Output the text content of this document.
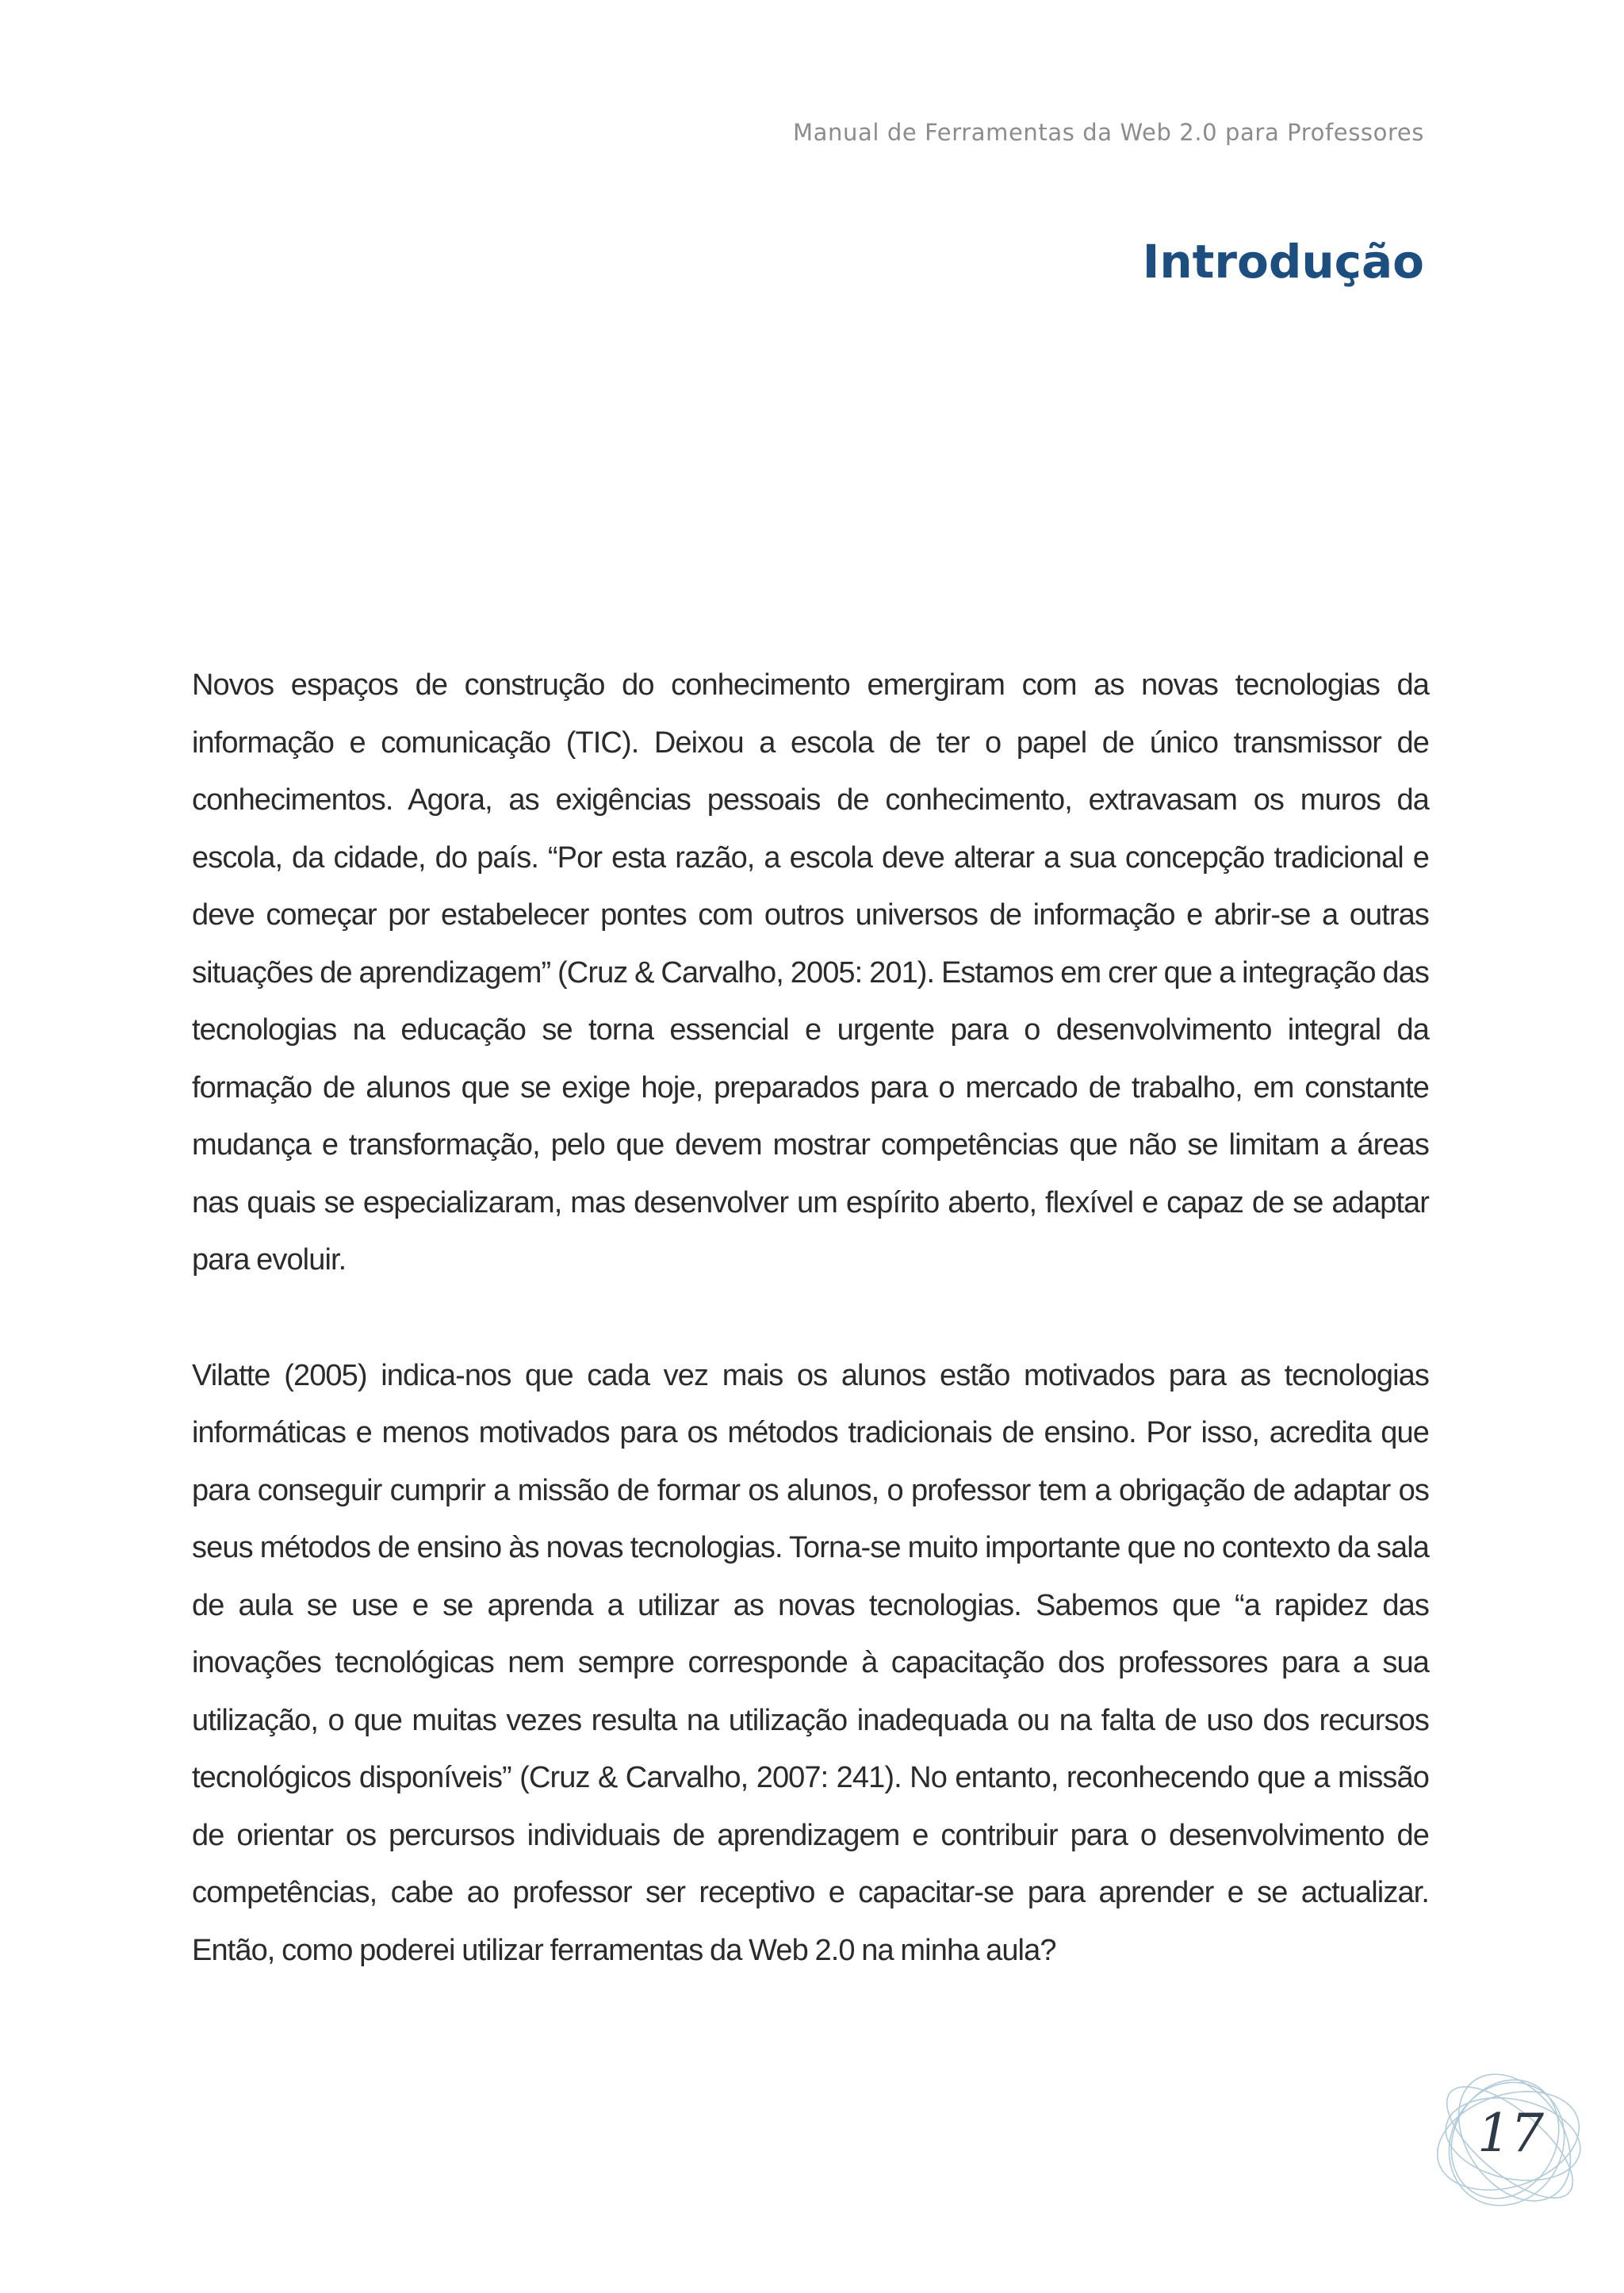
Manual de Ferramentas da Web 2.0 para Professores
Introdução

Novos espaços de construção do conhecimento emergiram com as novas tecnologias da informação e comunicação (TIC). Deixou a escola de ter o papel de único transmissor de conhecimentos. Agora, as exigências pessoais de conhecimento, extravasam os muros da escola, da cidade, do país. “Por esta razão, a escola deve alterar a sua concepção tradicional e deve começar por estabelecer pontes com outros universos de informação e abrir-se a outras situações de aprendizagem” (Cruz & Carvalho, 2005: 201). Estamos em crer que a integração das tecnologias na educação se torna essencial e urgente para o desenvolvimento integral da formação de alunos que se exige hoje, preparados para o mercado de trabalho, em constante mudança e transformação, pelo que devem mostrar competências que não se limitam a áreas nas quais se especializaram, mas desenvolver um espírito aberto, flexível e capaz de se adaptar para evoluir.

Vilatte (2005) indica-nos que cada vez mais os alunos estão motivados para as tecnologias informáticas e menos motivados para os métodos tradicionais de ensino. Por isso, acredita que para conseguir cumprir a missão de formar os alunos, o professor tem a obrigação de adaptar os seus métodos de ensino às novas tecnologias. Torna-se muito importante que no contexto da sala de aula se use e se aprenda a utilizar as novas tecnologias. Sabemos que “a rapidez das inovações tecnológicas nem sempre corresponde à capacitação dos professores para a sua utilização, o que muitas vezes resulta na utilização inadequada ou na falta de uso dos recursos tecnológicos disponíveis” (Cruz & Carvalho, 2007: 241). No entanto, reconhecendo que a missão de orientar os percursos individuais de aprendizagem e contribuir para o desenvolvimento de competências, cabe ao professor ser receptivo e capacitar-se para aprender e se actualizar. Então, como poderei utilizar ferramentas da Web 2.0 na minha aula?

17
